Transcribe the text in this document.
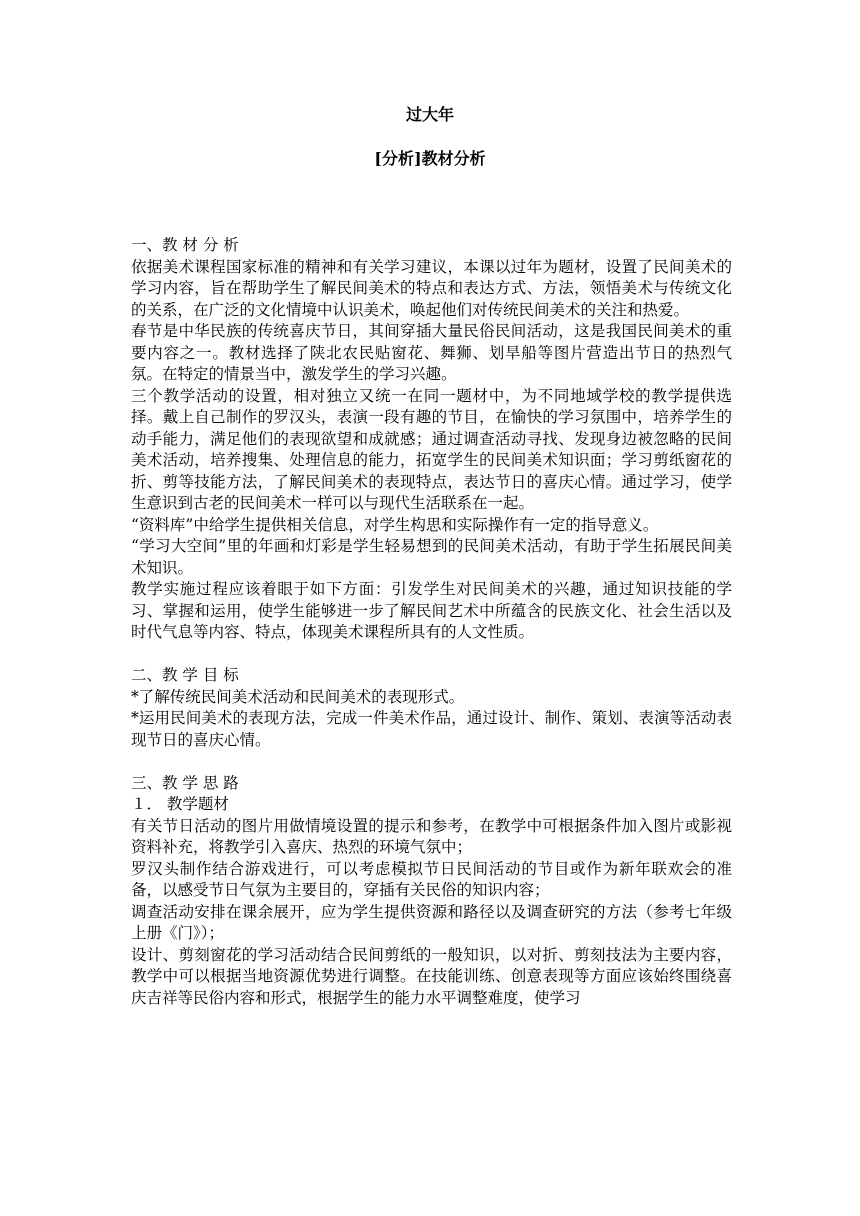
过大年
[分析]教材分析

一、教 材 分 析

依据美术课程国家标准的精神和有关学习建议，本课以过年为题材，设置了民间美术的学习内容，旨在帮助学生了解民间美术的特点和表达方式、方法，领悟美术与传统文化的关系，在广泛的文化情境中认识美术，唤起他们对传统民间美术的关注和热爱。

春节是中华民族的传统喜庆节日，其间穿插大量民俗民间活动，这是我国民间美术的重要内容之一。教材选择了陕北农民贴窗花、舞狮、划旱船等图片营造出节日的热烈气氛。在特定的情景当中，激发学生的学习兴趣。

三个教学活动的设置，相对独立又统一在同一题材中，为不同地域学校的教学提供选择。戴上自己制作的罗汉头，表演一段有趣的节目，在愉快的学习氛围中，培养学生的动手能力，满足他们的表现欲望和成就感；通过调查活动寻找、发现身边被忽略的民间美术活动，培养搜集、处理信息的能力，拓宽学生的民间美术知识面；学习剪纸窗花的折、剪等技能方法，了解民间美术的表现特点，表达节日的喜庆心情。通过学习，使学生意识到古老的民间美术一样可以与现代生活联系在一起。

“资料库”中给学生提供相关信息，对学生构思和实际操作有一定的指导意义。

“学习大空间”里的年画和灯彩是学生轻易想到的民间美术活动，有助于学生拓展民间美术知识。

教学实施过程应该着眼于如下方面：引发学生对民间美术的兴趣，通过知识技能的学习、掌握和运用，使学生能够进一步了解民间艺术中所蕴含的民族文化、社会生活以及时代气息等内容、特点，体现美术课程所具有的人文性质。

二、教 学 目 标

*了解传统民间美术活动和民间美术的表现形式。

*运用民间美术的表现方法，完成一件美术作品，通过设计、制作、策划、表演等活动表现节日的喜庆心情。

三、教 学 思 路

１． 教学题材

有关节日活动的图片用做情境设置的提示和参考，在教学中可根据条件加入图片或影视资料补充，将教学引入喜庆、热烈的环境气氛中；

罗汉头制作结合游戏进行，可以考虑模拟节日民间活动的节目或作为新年联欢会的准备，以感受节日气氛为主要目的，穿插有关民俗的知识内容；

调查活动安排在课余展开，应为学生提供资源和路径以及调查研究的方法（参考七年级上册《门》）；

设计、剪刻窗花的学习活动结合民间剪纸的一般知识，以对折、剪刻技法为主要内容，教学中可以根据当地资源优势进行调整。在技能训练、创意表现等方面应该始终围绕喜庆吉祥等民俗内容和形式，根据学生的能力水平调整难度，使学习
